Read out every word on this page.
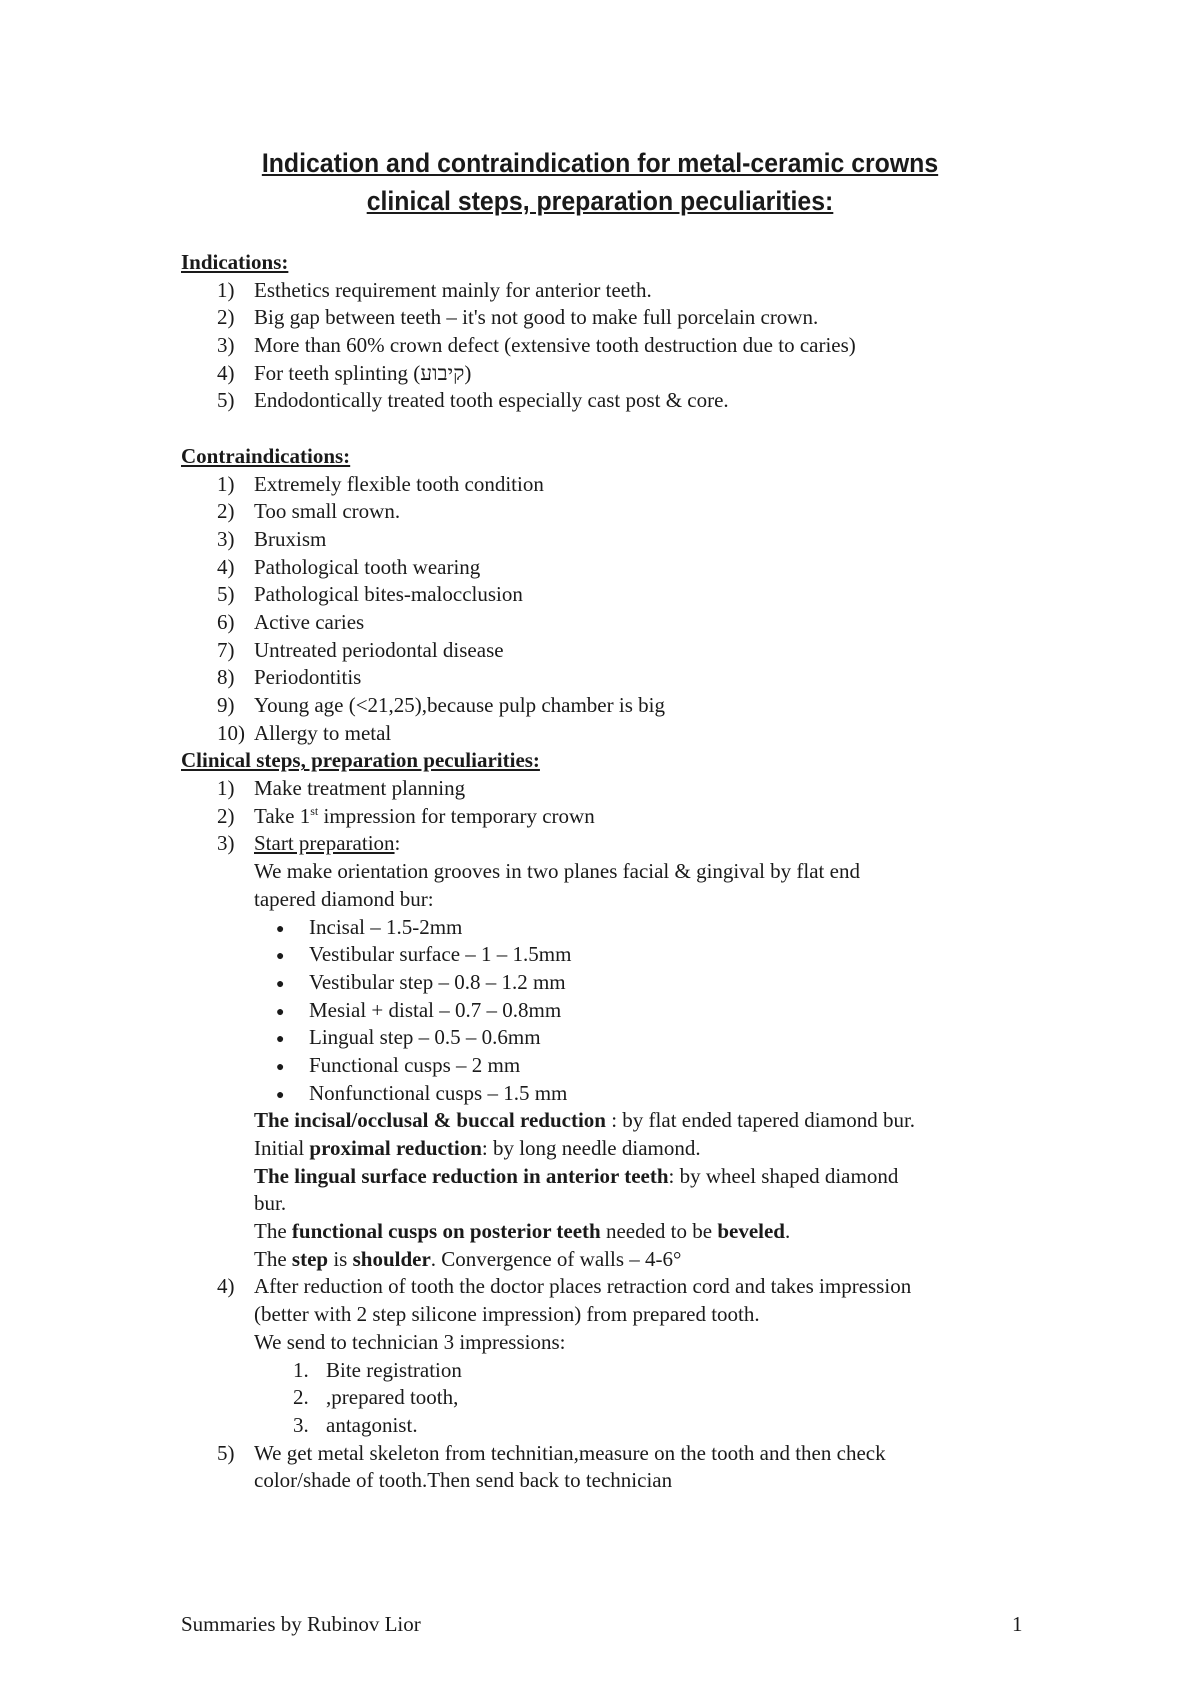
Indication and contraindication for metal-ceramic crowns
clinical steps, preparation peculiarities:
Indications:
1) Esthetics requirement mainly for anterior teeth.
2) Big gap between teeth – it's not good to make full porcelain crown.
3) More than 60% crown defect (extensive tooth destruction due to caries)
4) For teeth splinting (קיבוע)
5) Endodontically treated tooth especially cast post & core.
Contraindications:
1) Extremely flexible tooth condition
2) Too small crown.
3) Bruxism
4) Pathological tooth wearing
5) Pathological bites-malocclusion
6) Active caries
7) Untreated periodontal disease
8) Periodontitis
9) Young age (<21,25),because pulp chamber is big
10) Allergy to metal
Clinical steps, preparation peculiarities:
1) Make treatment planning
2) Take 1st impression for temporary crown
3) Start preparation:
We make orientation grooves in two planes facial & gingival by flat end
tapered diamond bur:
● Incisal – 1.5-2mm
● Vestibular surface – 1 – 1.5mm
● Vestibular step – 0.8 – 1.2 mm
● Mesial + distal – 0.7 – 0.8mm
● Lingual step – 0.5 – 0.6mm
● Functional cusps – 2 mm
● Nonfunctional cusps – 1.5 mm
The incisal/occlusal & buccal reduction : by flat ended tapered diamond bur.
Initial proximal reduction: by long needle diamond.
The lingual surface reduction in anterior teeth: by wheel shaped diamond
bur.
The functional cusps on posterior teeth needed to be beveled.
The step is shoulder. Convergence of walls – 4-6°
4) After reduction of tooth the doctor places retraction cord and takes impression
(better with 2 step silicone impression) from prepared tooth.
We send to technician 3 impressions:
1. Bite registration
2. ,prepared tooth,
3. antagonist.
5) We get metal skeleton from technitian,measure on the tooth and then check
color/shade of tooth.Then send back to technician
Summaries by Rubinov Lior	1
